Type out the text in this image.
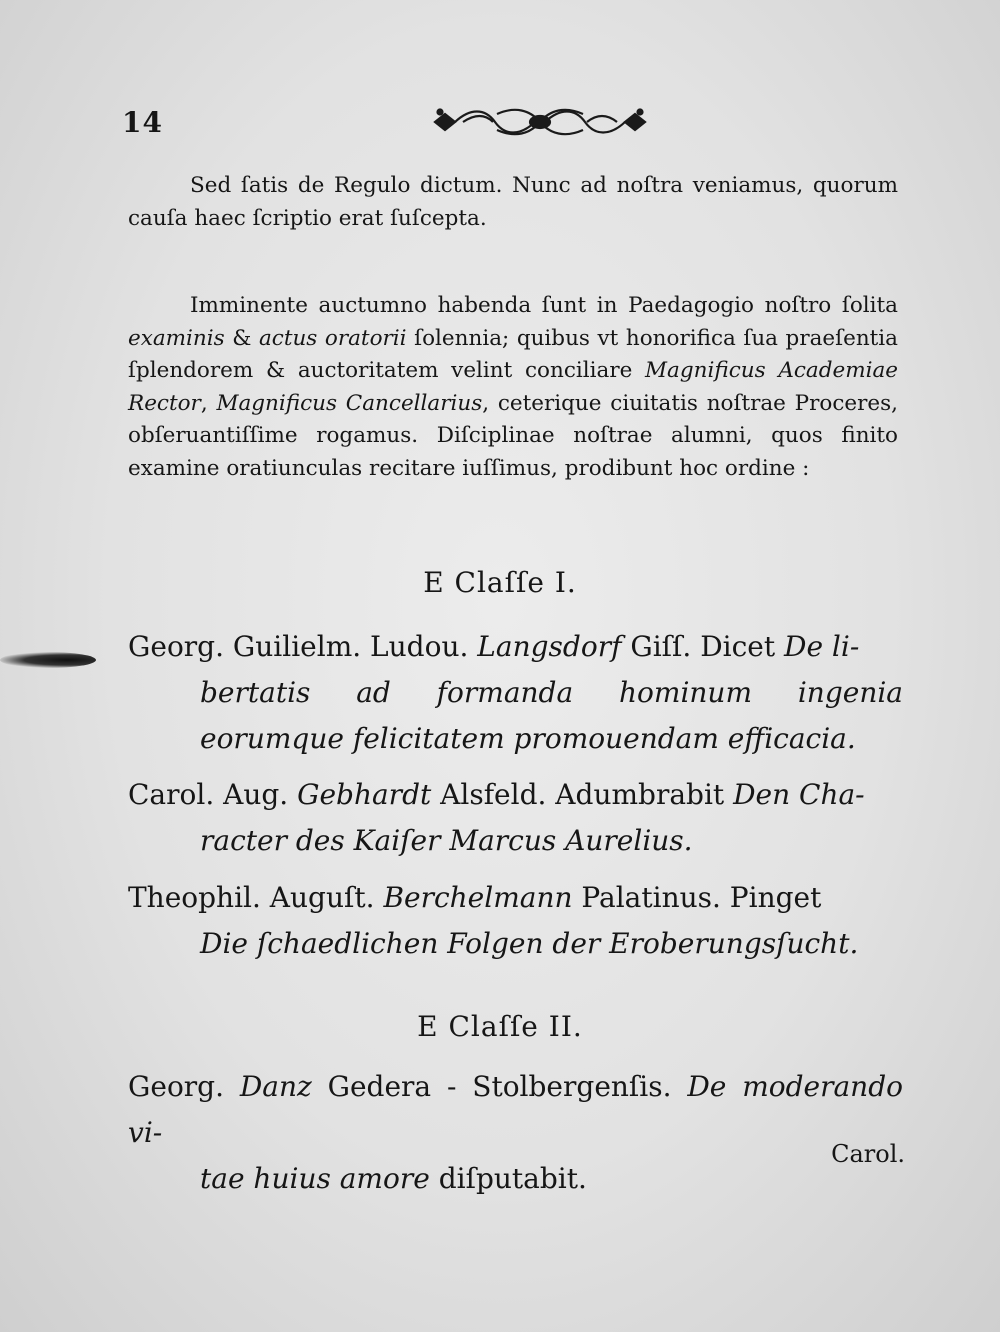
14
Sed ſatis de Regulo dictum. Nunc ad noſtra veniamus, quorum cauſa haec ſcriptio erat ſuſcepta.
Imminente auctumno habenda ſunt in Paedagogio noſtro ſolita examinis & actus oratorii ſolennia; quibus vt honorifica ſua praeſentia ſplendorem & auctoritatem velint conciliare Magnificus Academiae Rector, Magnificus Cancellarius, ceterique ciuitatis noſtrae Proceres, obſeruantiſſime rogamus. Diſciplinae noſtrae alumni, quos finito examine oratiunculas recitare iuſſimus, prodibunt hoc ordine :
E Claſſe I.
Georg. Guilielm. Ludou. Langsdorf Giſſ. Dicet De li-
bertatis ad formanda hominum ingenia eorumque felicitatem promouendam efficacia.
Carol. Aug. Gebhardt Alsfeld. Adumbrabit Den Cha-
racter des Kaiſer Marcus Aurelius.
Theophil. Auguſt. Berchelmann Palatinus. Pinget
Die ſchaedlichen Folgen der Eroberungsſucht.
E Claſſe II.
Georg. Danz Gedera - Stolbergenſis. De moderando vi-
tae huius amore diſputabit.
Carol.
